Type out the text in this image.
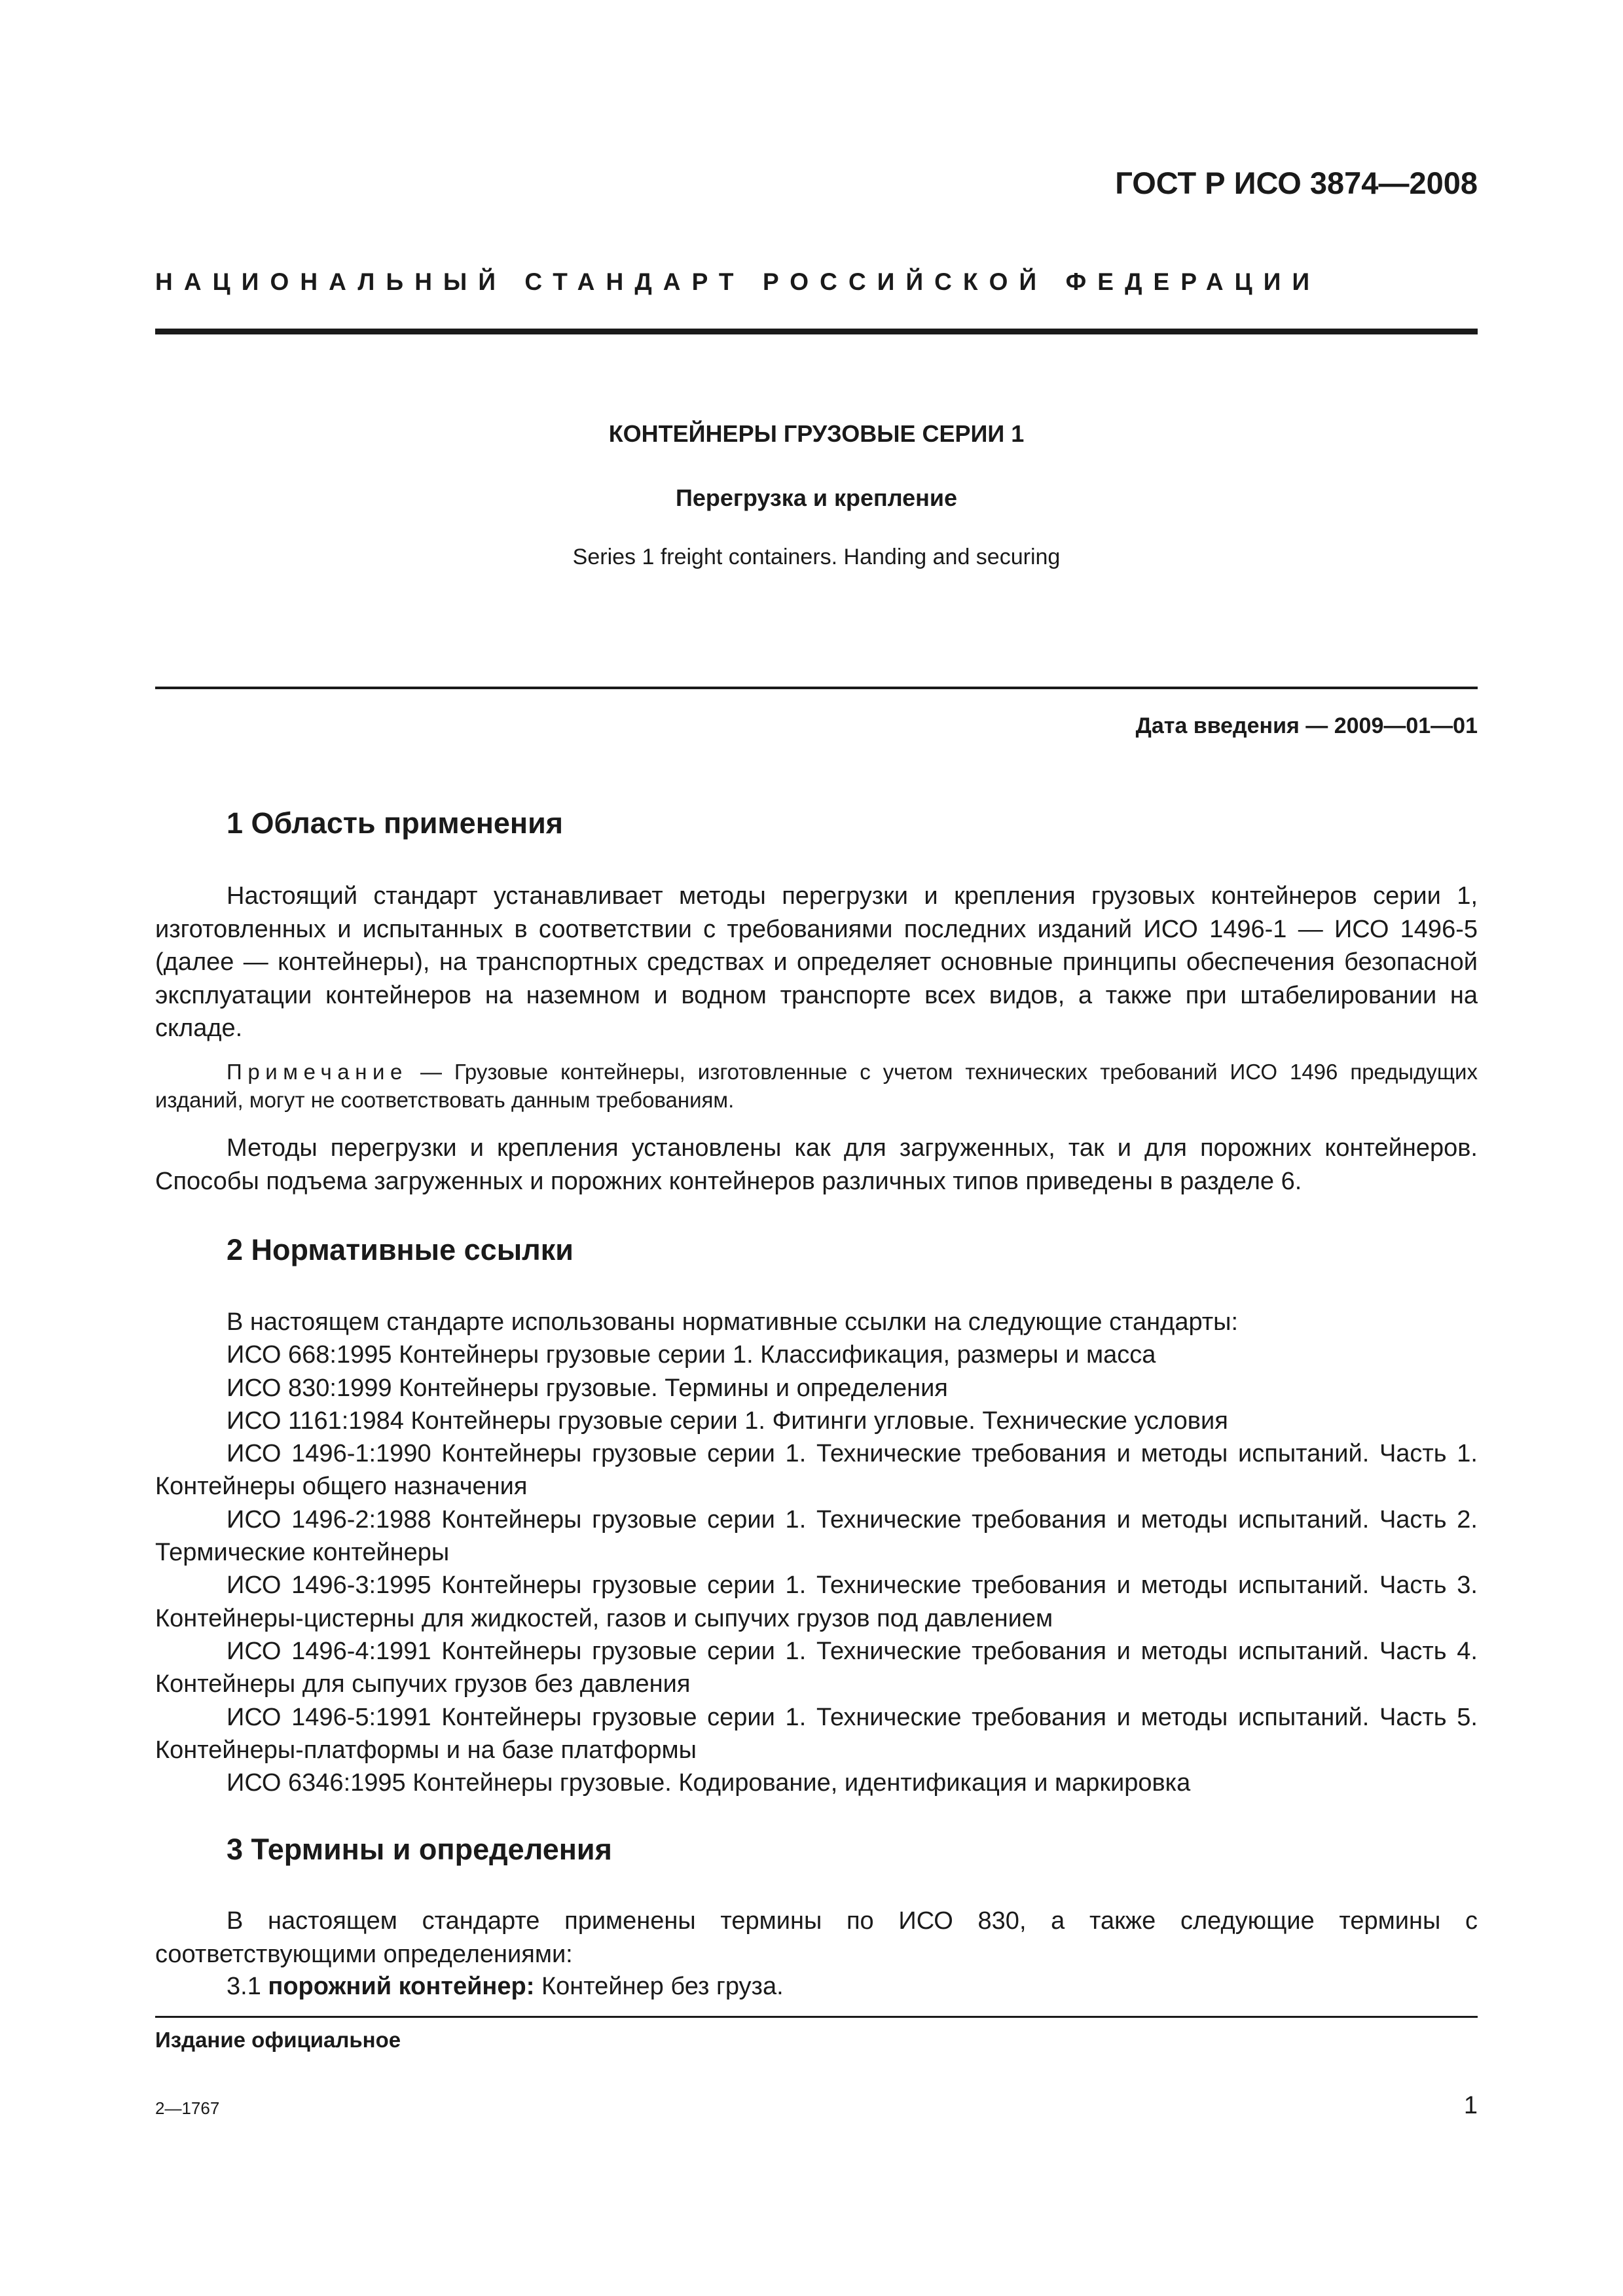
ГОСТ Р ИСО 3874—2008
НАЦИОНАЛЬНЫЙ СТАНДАРТ РОССИЙСКОЙ ФЕДЕРАЦИИ
КОНТЕЙНЕРЫ ГРУЗОВЫЕ СЕРИИ 1
Перегрузка и крепление
Series 1 freight containers. Handing and securing
Дата введения — 2009—01—01
1 Область применения

Настоящий стандарт устанавливает методы перегрузки и крепления грузовых контейнеров серии 1, изготовленных и испытанных в соответствии с требованиями последних изданий ИСО 1496-1 — ИСО 1496-5 (далее — контейнеры), на транспортных средствах и определяет основные принципы обеспечения безопасной эксплуатации контейнеров на наземном и водном транспорте всех видов, а также при штабелировании на складе.

Примечание — Грузовые контейнеры, изготовленные с учетом технических требований ИСО 1496 предыдущих изданий, могут не соответствовать данным требованиям.

Методы перегрузки и крепления установлены как для загруженных, так и для порожних контейнеров. Способы подъема загруженных и порожних контейнеров различных типов приведены в разделе 6.

2 Нормативные ссылки

В настоящем стандарте использованы нормативные ссылки на следующие стандарты:

ИСО 668:1995 Контейнеры грузовые серии 1. Классификация, размеры и масса

ИСО 830:1999 Контейнеры грузовые. Термины и определения

ИСО 1161:1984 Контейнеры грузовые серии 1. Фитинги угловые. Технические условия

ИСО 1496-1:1990 Контейнеры грузовые серии 1. Технические требования и методы испытаний. Часть 1. Контейнеры общего назначения

ИСО 1496-2:1988 Контейнеры грузовые серии 1. Технические требования и методы испытаний. Часть 2. Термические контейнеры

ИСО 1496-3:1995 Контейнеры грузовые серии 1. Технические требования и методы испытаний. Часть 3. Контейнеры-цистерны для жидкостей, газов и сыпучих грузов под давлением

ИСО 1496-4:1991 Контейнеры грузовые серии 1. Технические требования и методы испытаний. Часть 4. Контейнеры для сыпучих грузов без давления

ИСО 1496-5:1991 Контейнеры грузовые серии 1. Технические требования и методы испытаний. Часть 5. Контейнеры-платформы и на базе платформы

ИСО 6346:1995 Контейнеры грузовые. Кодирование, идентификация и маркировка

3 Термины и определения

В настоящем стандарте применены термины по ИСО 830, а также следующие термины с соответствующими определениями:

3.1 порожний контейнер: Контейнер без груза.

Издание официальное
2—1767	1
